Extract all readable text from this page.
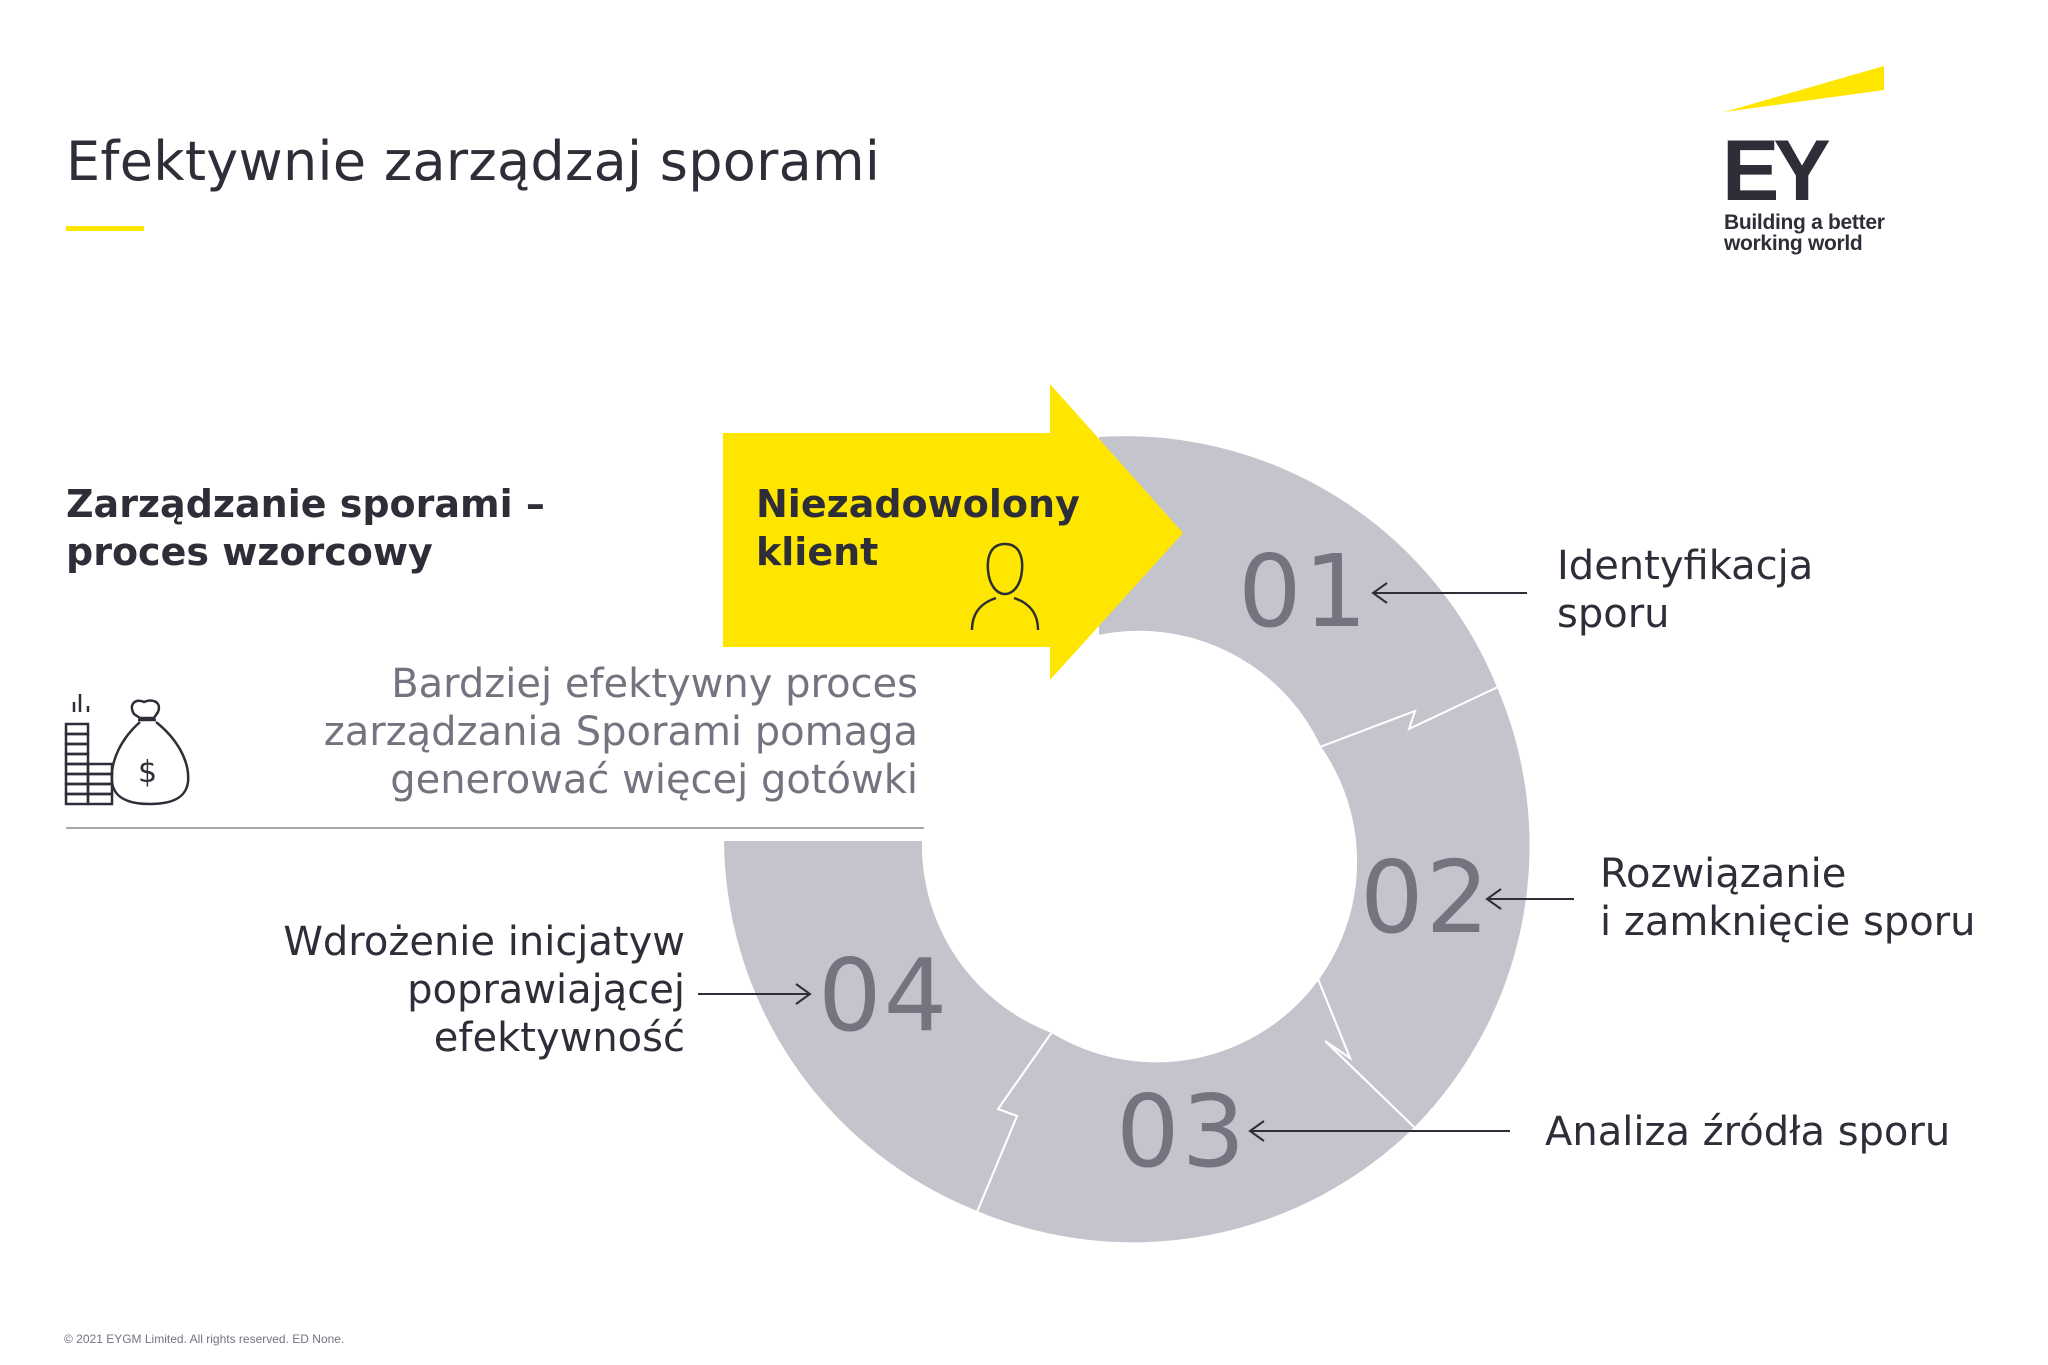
Efektywnie zarządzaj sporami	EY
Building a better
working world
Zarządzanie sporami –
proces wzorcowy
Niezadowolony
klient
Bardziej efektywny proces
zarządzania Sporami pomaga
generować więcej gotówki
$
01
02
03
04
Identyfikacja
sporu
Rozwiązanie
i zamknięcie sporu
Analiza źródła sporu
Wdrożenie inicjatyw
poprawiającej
efektywność
© 2021 EYGM Limited. All rights reserved. ED None.
